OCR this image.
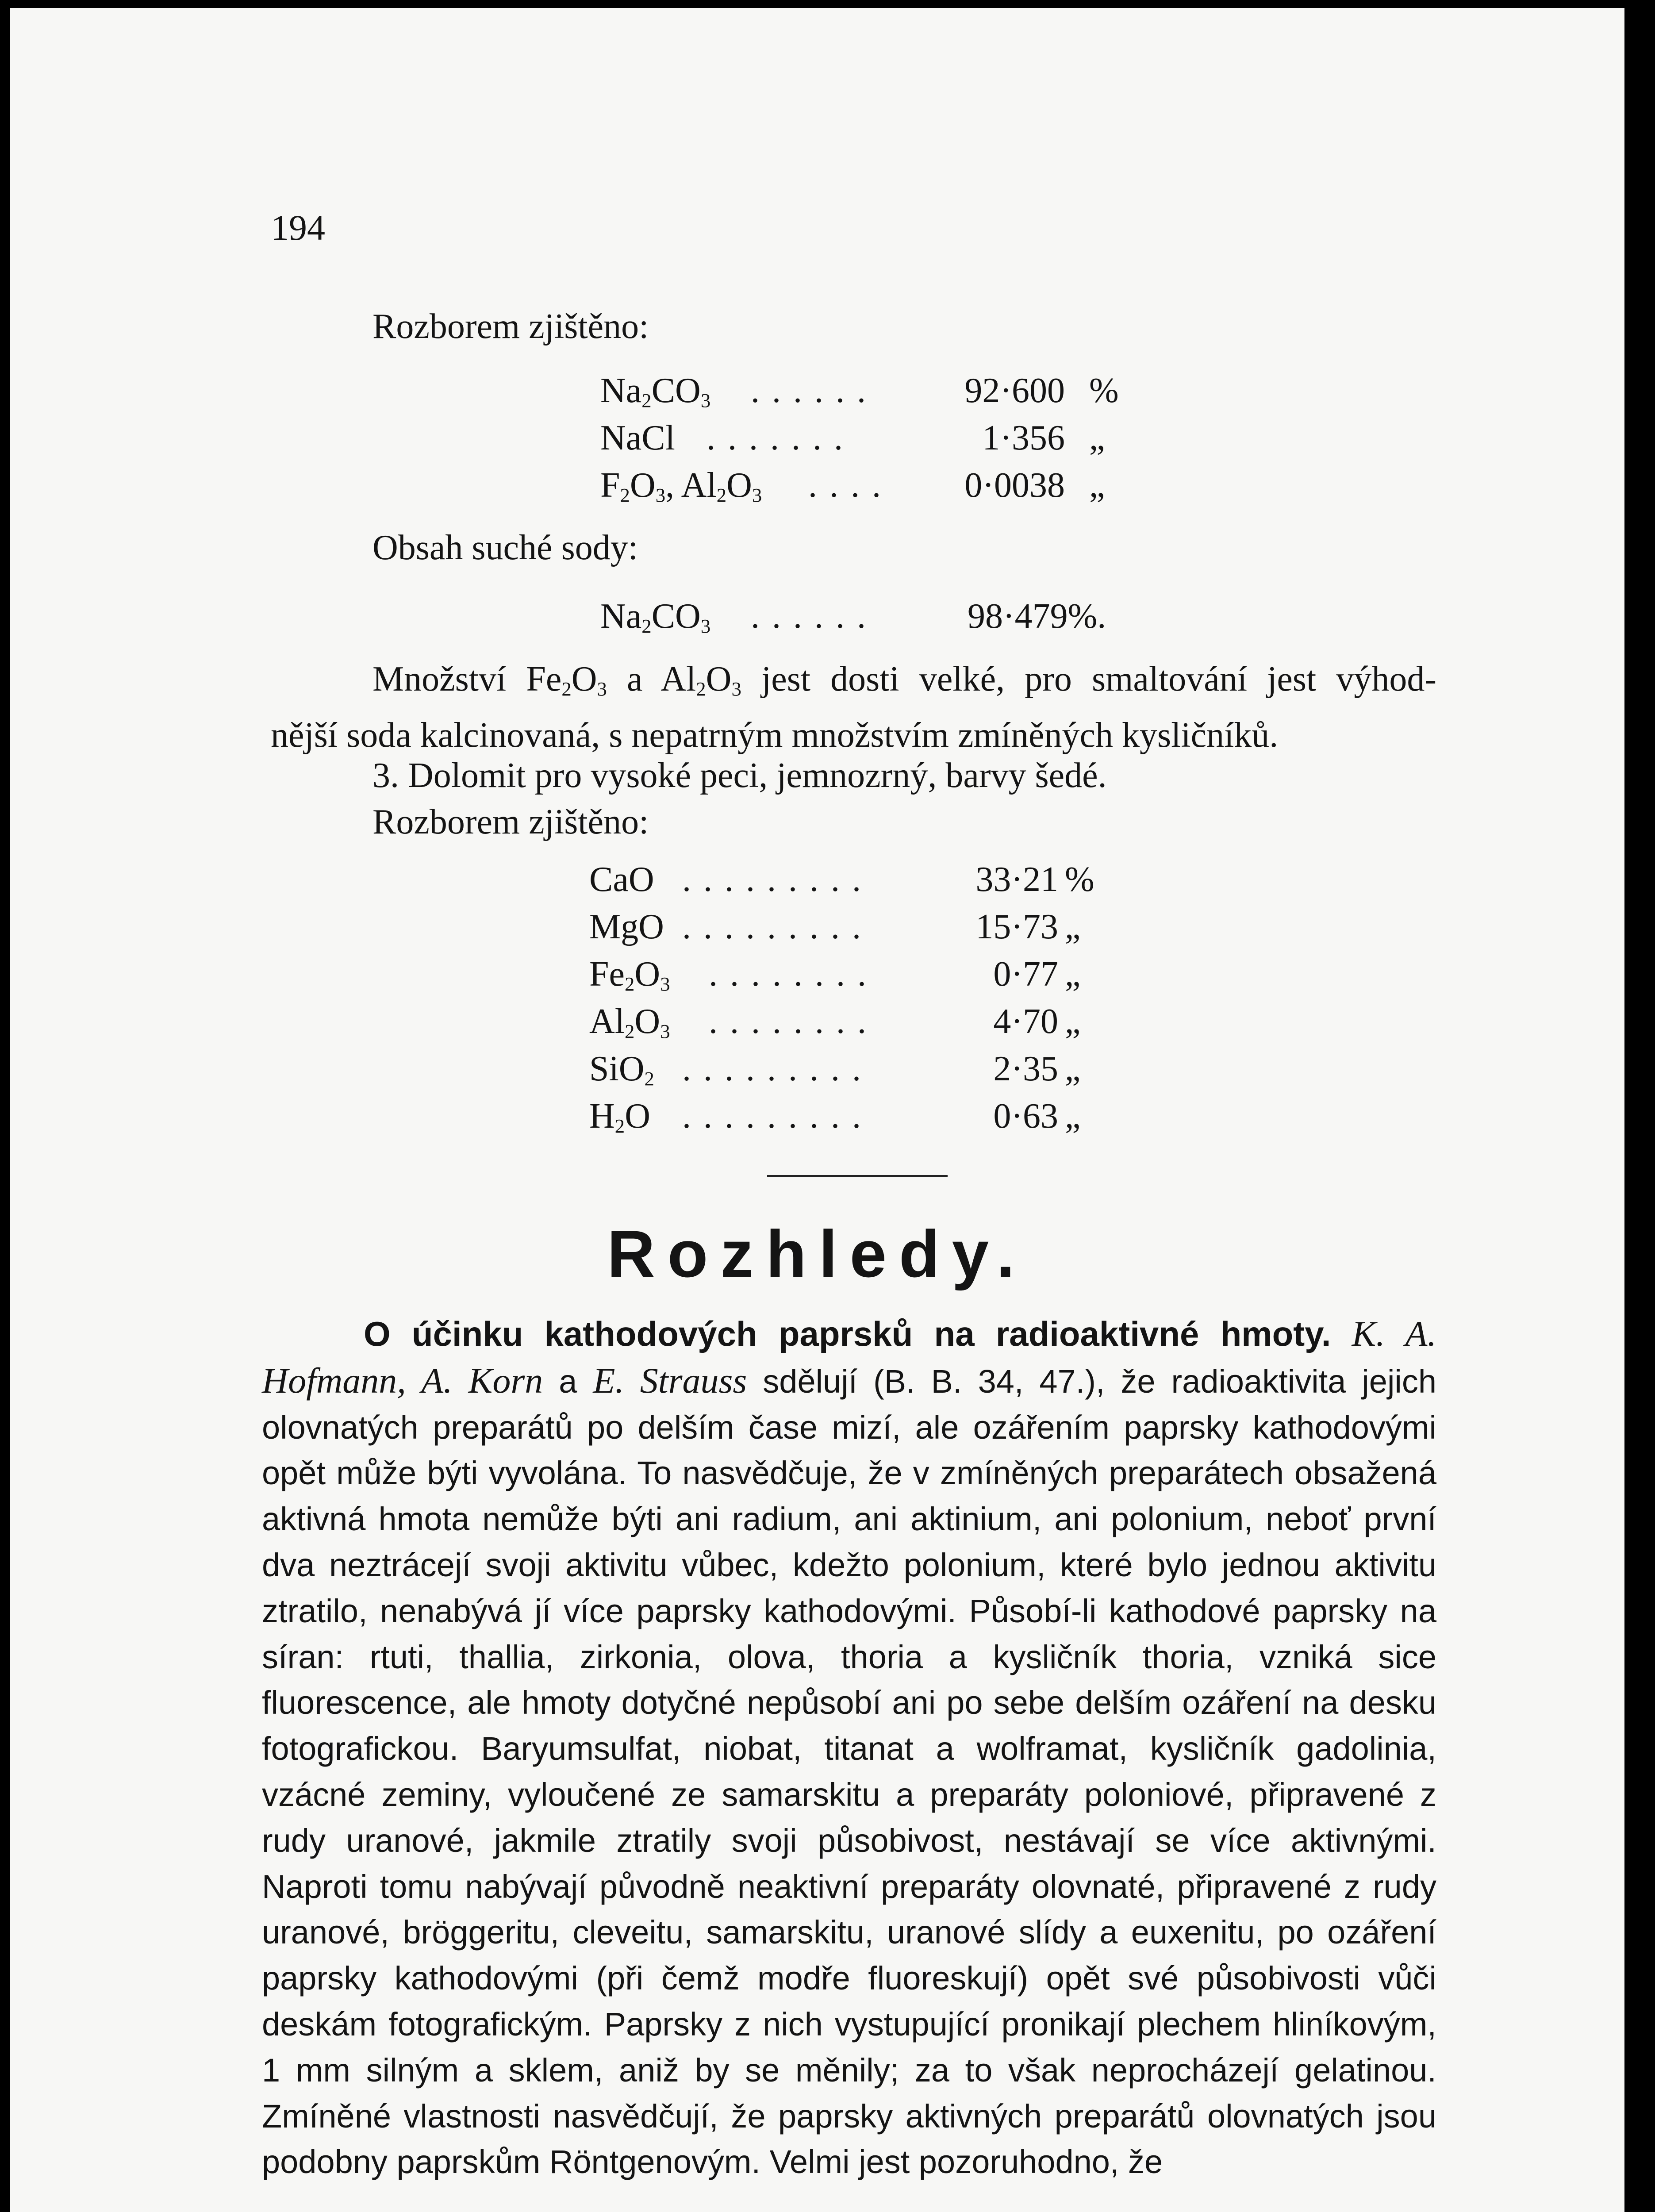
194
Rozborem zjištěno:
$Na_2CO_3$ ......	92·600 %
NaCl .......	1·356 „
$F_2O_3$, $Al_2O_3$ ....	0·0038 „
Obsah suché sody:
$Na_2CO_3$ ......	98·479%.
Množství $Fe_2O_3$ a $Al_2O_3$ jest dosti velké, pro smaltování jest výhod-
nější soda kalcinovaná, s nepatrným množstvím zmíněných kysličníků.
3. Dolomit pro vysoké peci, jemnozrný, barvy šedé.
Rozborem zjištěno:
CaO .........	33·21 %
MgO .........	15·73 „
$Fe_2O_3$ ........	0·77 „
$Al_2O_3$ ........	4·70 „
SiO$_2$ .........	2·35 „
$H_2O$ .........	0·63 „
Rozhledy.
O účinku kathodových paprsků na radioaktivné hmoty. K. A. Hofmann, A. Korn a E. Strauss sdělují (B. B. 34, 47.), že radioaktivita jejich olovnatých preparátů po delším čase mizí, ale ozářením paprsky kathodovými opět může býti vyvolána. To nasvědčuje, že v zmíněných preparátech obsažená aktivná hmota nemůže býti ani radium, ani aktinium, ani polonium, neboť první dva neztrácejí svoji aktivitu vůbec, kdežto polonium, které bylo jednou aktivitu ztratilo, nenabývá jí více paprsky kathodovými. Působí-li kathodové paprsky na síran: rtuti, thallia, zirkonia, olova, thoria a kysličník thoria, vzniká sice fluorescence, ale hmoty dotyčné nepůsobí ani po sebe delším ozáření na desku fotografickou. Baryumsulfat, niobat, titanat a wolframat, kysličník gadolinia, vzácné zeminy, vyloučené ze samarskitu a preparáty poloniové, připravené z rudy uranové, jakmile ztratily svoji působivost, nestávají se více aktivnými. Naproti tomu nabývají původně neaktivní preparáty olovnaté, připravené z rudy uranové, bröggeritu, cleveitu, samarskitu, uranové slídy a euxenitu, po ozáření paprsky kathodovými (při čemž modře fluoreskují) opět své působivosti vůči deskám fotografickým. Paprsky z nich vystupující pronikají plechem hliníkovým, 1 mm silným a sklem, aniž by se měnily; za to však neprocházejí gelatinou. Zmíněné vlastnosti nasvědčují, že paprsky aktivných preparátů olovnatých jsou podobny paprskům Röntgenovým. Velmi jest pozoruhodno, že
